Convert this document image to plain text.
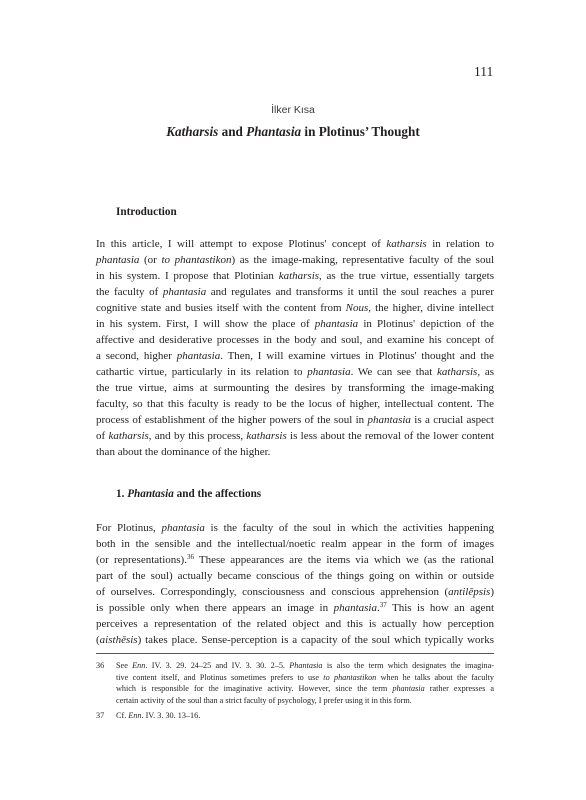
111
İlker Kısa
Katharsis and Phantasia in Plotinus’ Thought
Introduction
In this article, I will attempt to expose Plotinus' concept of katharsis in relation to
phantasia (or to phantastikon) as the image-making, representative faculty of the soul
in his system. I propose that Plotinian katharsis, as the true virtue, essentially targets
the faculty of phantasia and regulates and transforms it until the soul reaches a purer
cognitive state and busies itself with the content from Nous, the higher, divine intellect
in his system. First, I will show the place of phantasia in Plotinus' depiction of the
affective and desiderative processes in the body and soul, and examine his concept of
a second, higher phantasia. Then, I will examine virtues in Plotinus' thought and the
cathartic virtue, particularly in its relation to phantasia. We can see that katharsis, as
the true virtue, aims at surmounting the desires by transforming the image-making
faculty, so that this faculty is ready to be the locus of higher, intellectual content. The
process of establishment of the higher powers of the soul in phantasia is a crucial aspect
of katharsis, and by this process, katharsis is less about the removal of the lower content
than about the dominance of the higher.
1. Phantasia and the affections
For Plotinus, phantasia is the faculty of the soul in which the activities happening
both in the sensible and the intellectual/noetic realm appear in the form of images
(or representations).$^{36}$ These appearances are the items via which we (as the rational
part of the soul) actually became conscious of the things going on within or outside
of ourselves. Correspondingly, consciousness and conscious apprehension (antilēpsis)
is possible only when there appears an image in phantasia.$^{37}$ This is how an agent
perceives a representation of the related object and this is actually how perception
(aisthēsis) takes place. Sense-perception is a capacity of the soul which typically works
36	See Enn. IV. 3. 29. 24–25 and IV. 3. 30. 2–5. Phantasia is also the term which designates the imagina-
tive content itself, and Plotinus sometimes prefers to use to phantastikon when he talks about the faculty
which is responsible for the imaginative activity. However, since the term phantasia rather expresses a
certain activity of the soul than a strict faculty of psychology, I prefer using it in this form.
37	Cf. Enn. IV. 3. 30. 13–16.
